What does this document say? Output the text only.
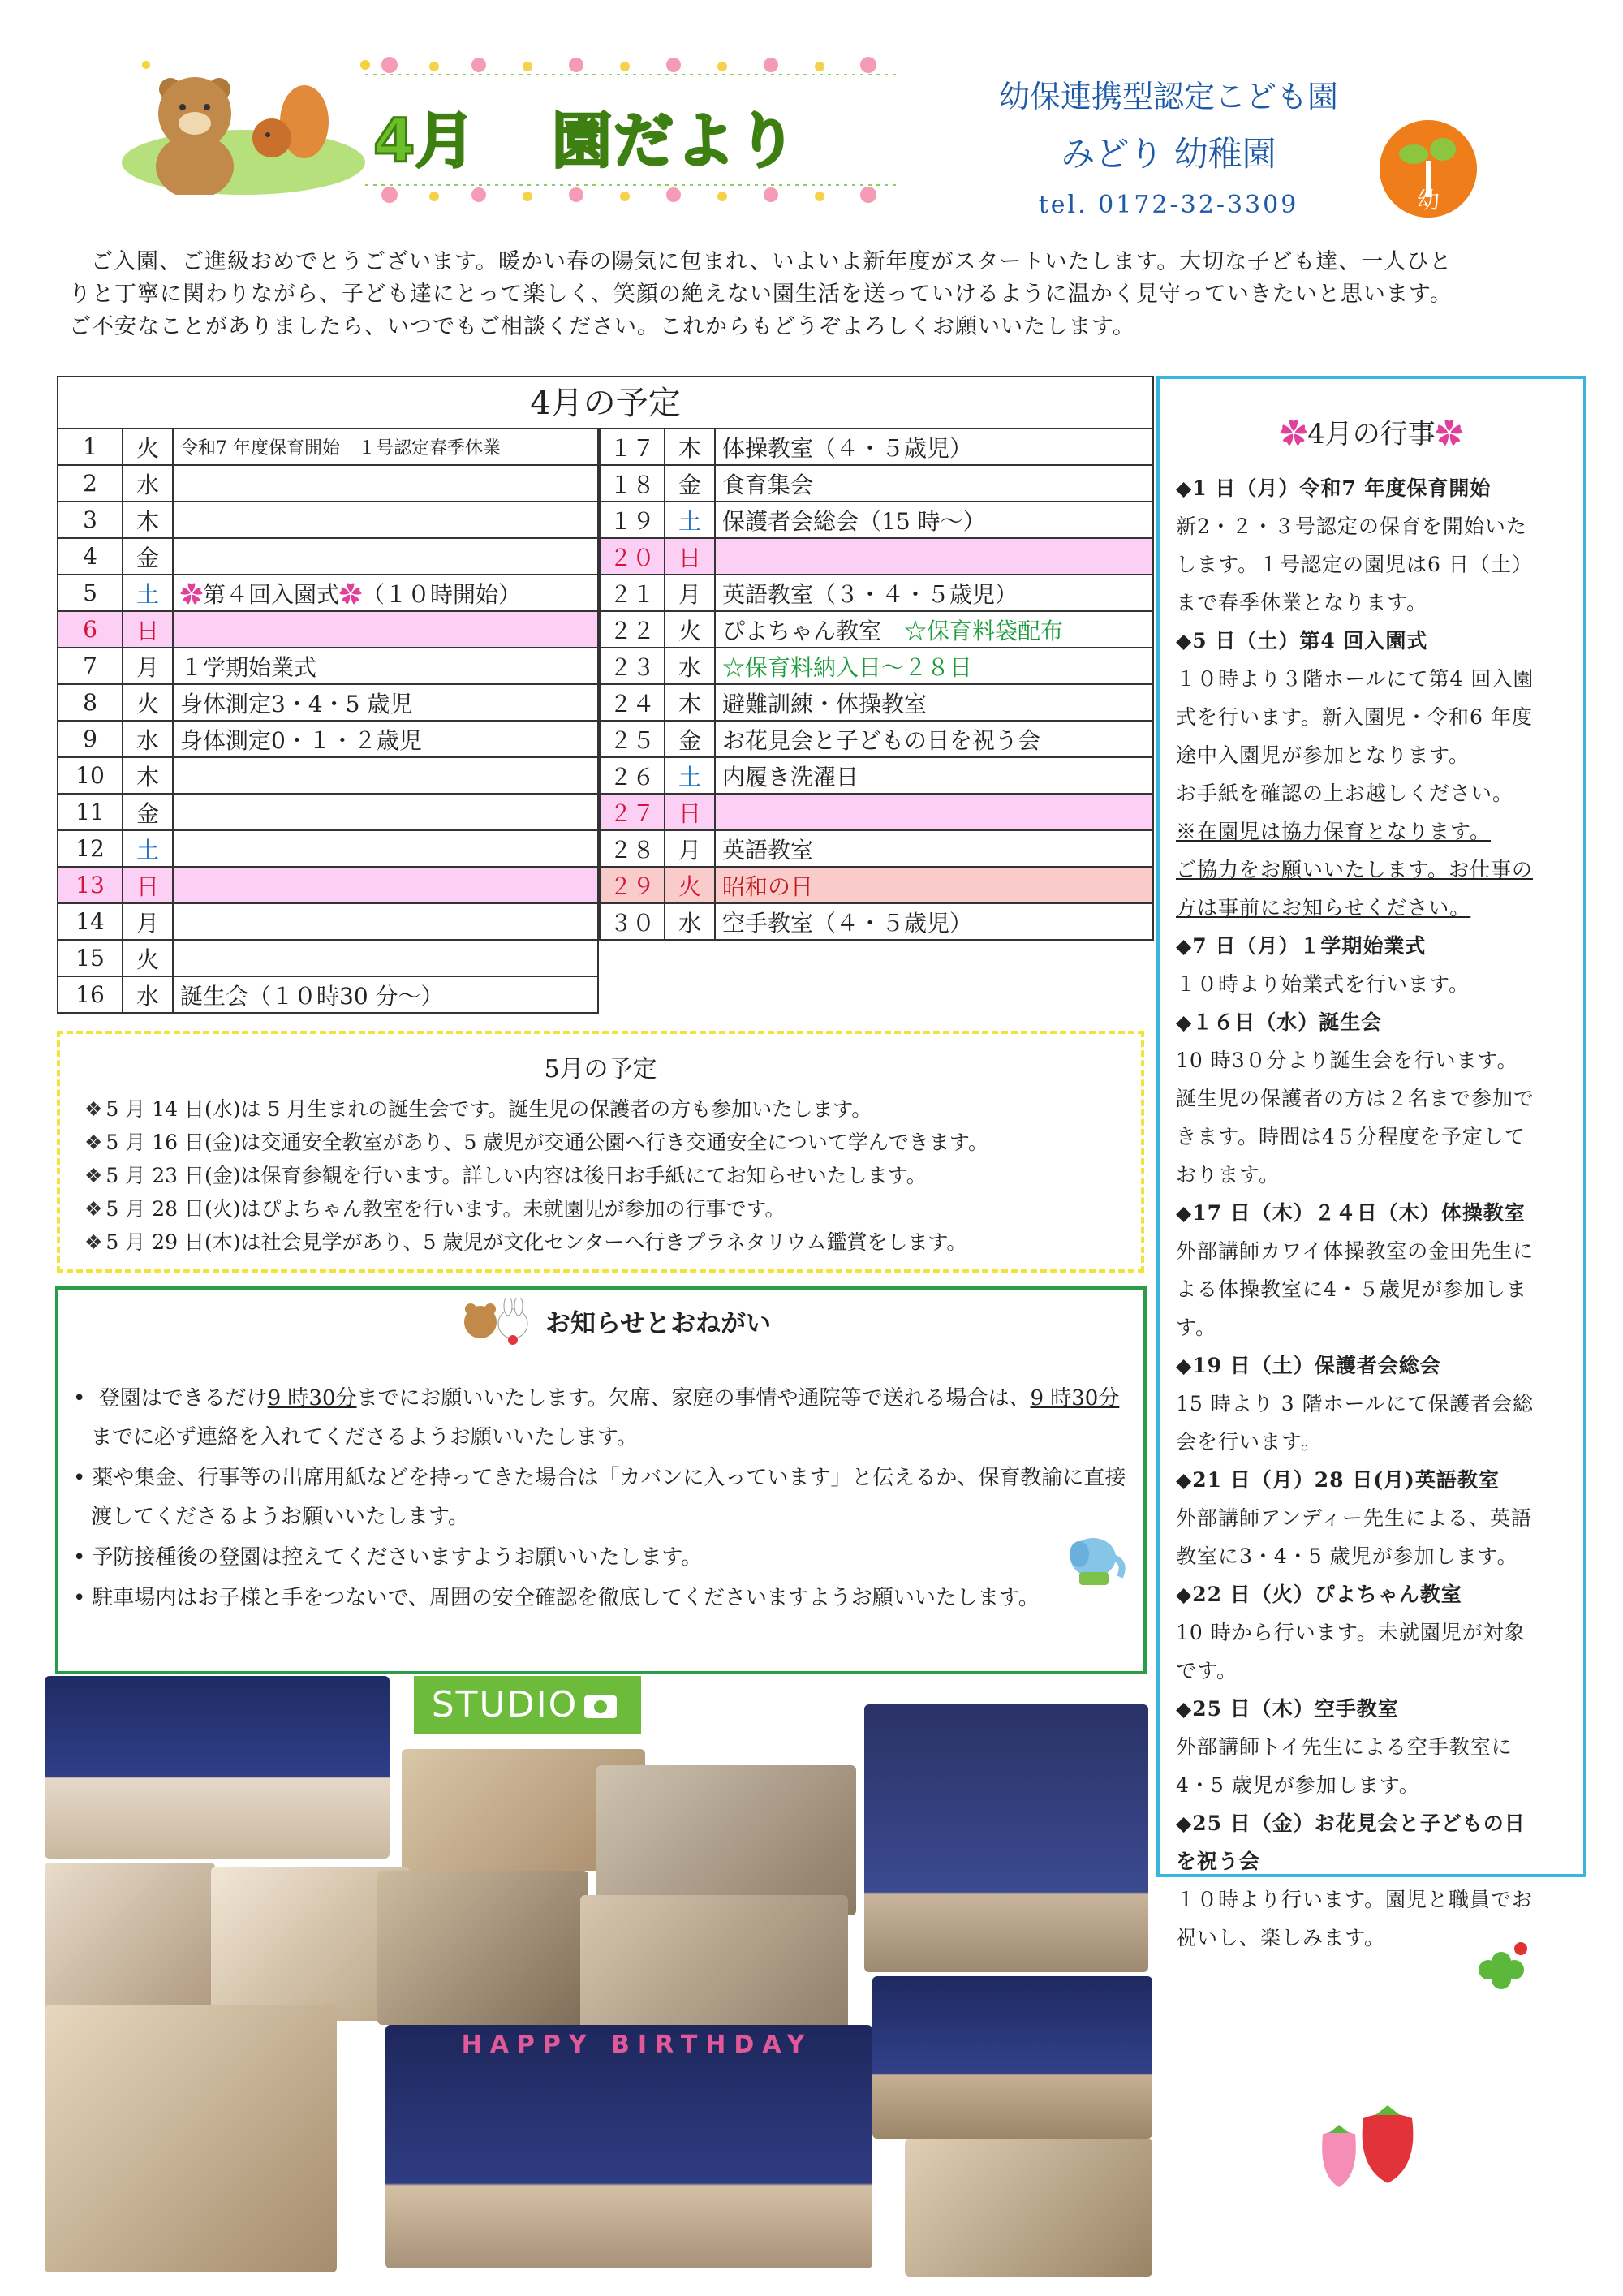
4月 園だより
幼保連携型認定こども園
みどり 幼稚園
tel. 0172-32-3309	幼

ご入園、ご進級おめでとうございます。暖かい春の陽気に包まれ、いよいよ新年度がスタートいたします。大切な子ども達、一人ひと

りと丁寧に関わりながら、子ども達にとって楽しく、笑顔の絶えない園生活を送っていけるように温かく見守っていきたいと思います。

ご不安なことがありましたら、いつでもご相談ください。これからもどうぞよろしくお願いいたします。

4月の予定
1	火	令和7 年度保育開始　１号認定春季休業
2	水	
3	木	
4	金	
5	土	✿第４回入園式✿（１０時開始）
6	日	
7	月	１学期始業式
8	火	身体測定3・4・5 歳児
9	水	身体測定0・１・２歳児
10	木	
11	金	
12	土	
13	日	
14	月	
15	火	
16	水	誕生会（１０時30 分〜）
１７	木	体操教室（４・５歳児）
１８	金	食育集会
１９	土	保護者会総会（15 時〜）
２０	日	
２１	月	英語教室（３・４・５歳児）
２２	火	ぴよちゃん教室 ☆保育料袋配布
２３	水	☆保育料納入日〜２８日
２４	木	避難訓練・体操教室
２５	金	お花見会と子どもの日を祝う会
２６	土	内履き洗濯日
２７	日	
２８	月	英語教室
２９	火	昭和の日
３０	水	空手教室（４・５歳児）
5月の予定
❖ 5 月 14 日(水)は 5 月生まれの誕生会です。誕生児の保護者の方も参加いたします。
❖ 5 月 16 日(金)は交通安全教室があり、5 歳児が交通公園へ行き交通安全について学んできます。
❖ 5 月 23 日(金)は保育参観を行います。詳しい内容は後日お手紙にてお知らせいたします。
❖ 5 月 28 日(火)はぴよちゃん教室を行います。未就園児が参加の行事です。
❖ 5 月 29 日(木)は社会見学があり、5 歳児が文化センターへ行きプラネタリウム鑑賞をします。
お知らせとおねがい
• 登園はできるだけ9 時30分までにお願いいたします。欠席、家庭の事情や通院等で送れる場合は、9 時30分までに必ず連絡を入れてくださるようお願いいたします。
• 薬や集金、行事等の出席用紙などを持ってきた場合は「カバンに入っています」と伝えるか、保育教諭に直接渡してくださるようお願いいたします。
• 予防接種後の登園は控えてくださいますようお願いいたします。
• 駐車場内はお子様と手をつないで、周囲の安全確認を徹底してくださいますようお願いいたします。
STUDIO
HAPPY BIRTHDAY
✿4月の行事✿
◆1 日（月）令和7 年度保育開始
新2・２・３号認定の保育を開始いた
します。１号認定の園児は6 日（土）
まで春季休業となります。
◆5 日（土）第4 回入園式
１０時より３階ホールにて第4 回入園
式を行います。新入園児・令和6 年度
途中入園児が参加となります。
お手紙を確認の上お越しください。
※在園児は協力保育となります。
ご協力をお願いいたします。お仕事の
方は事前にお知らせください。
◆7 日（月）１学期始業式
１０時より始業式を行います。
◆１６日（水）誕生会
10 時3０分より誕生会を行います。
誕生児の保護者の方は２名まで参加で
きます。時間は4５分程度を予定して
おります。
◆17 日（木）２４日（木）体操教室
外部講師カワイ体操教室の金田先生に
よる体操教室に4・５歳児が参加しま
す。
◆19 日（土）保護者会総会
15 時より 3 階ホールにて保護者会総
会を行います。
◆21 日（月）28 日(月)英語教室
外部講師アンディー先生による、英語
教室に3・4・5 歳児が参加します。
◆22 日（火）ぴよちゃん教室
10 時から行います。未就園児が対象
です。
◆25 日（木）空手教室
外部講師トイ先生による空手教室に
4・5 歳児が参加します。
◆25 日（金）お花見会と子どもの日
を祝う会
１０時より行います。園児と職員でお
祝いし、楽しみます。
